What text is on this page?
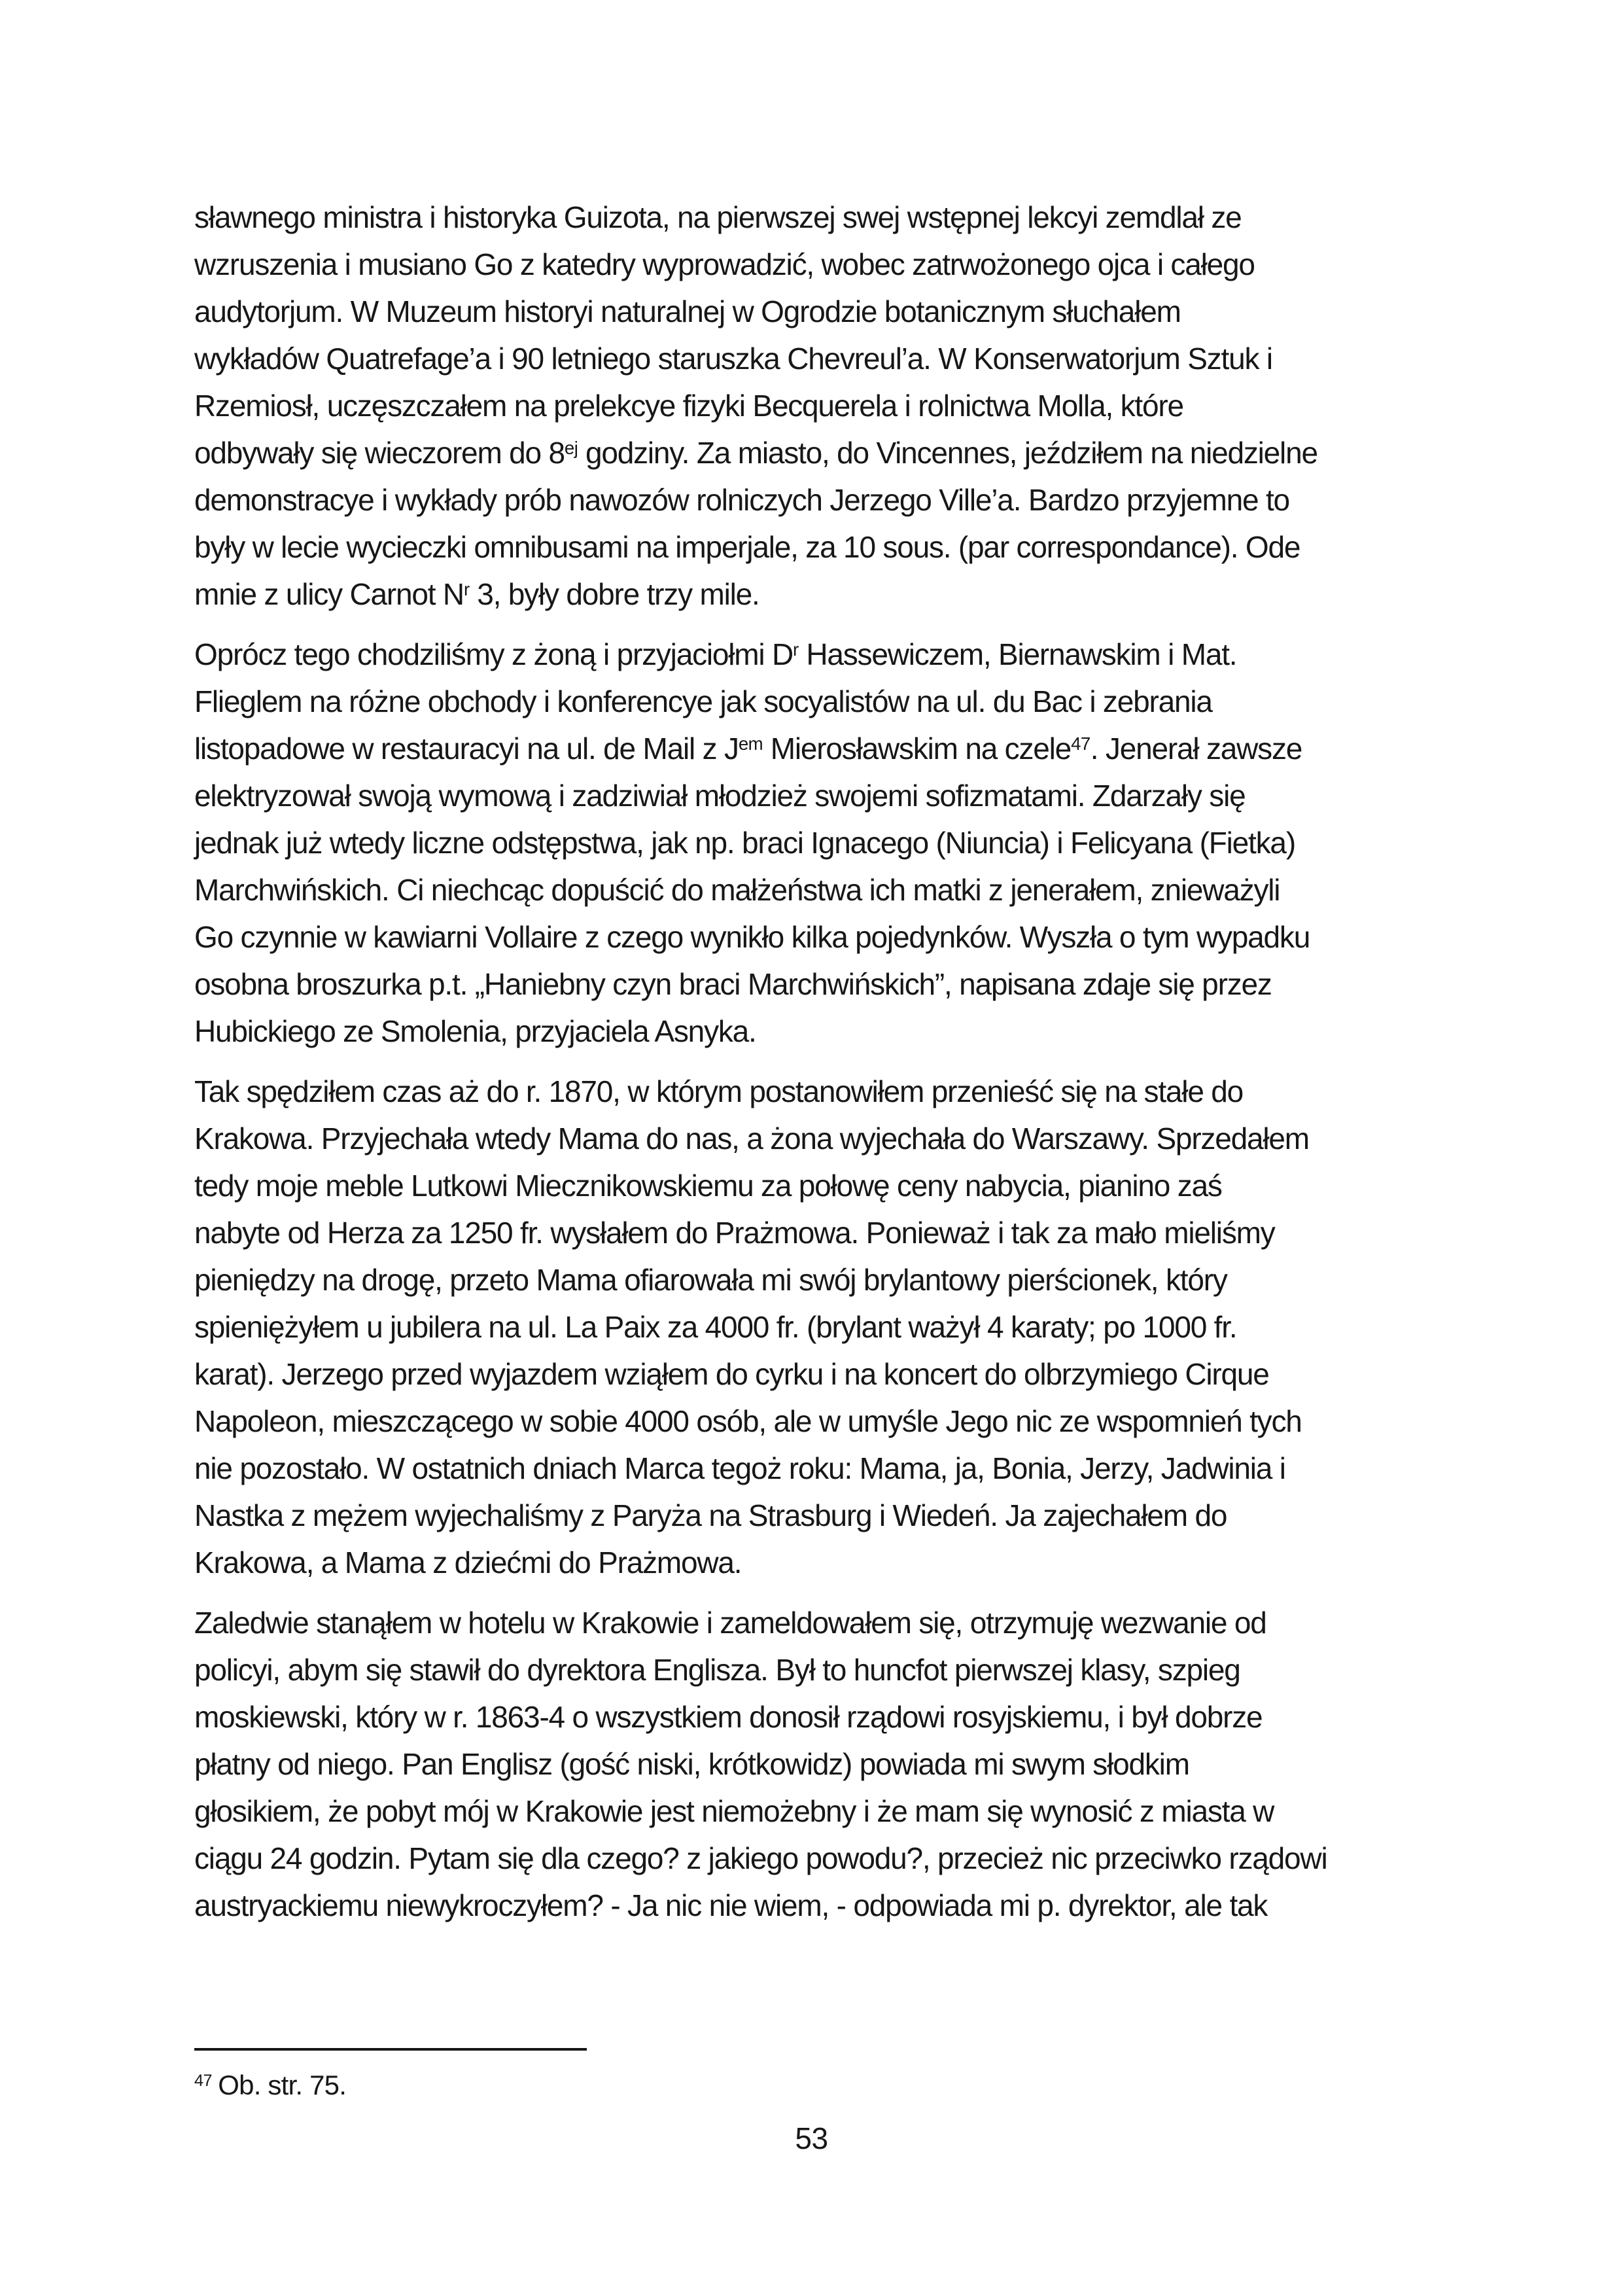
sławnego ministra i historyka Guizota, na pierwszej swej wstępnej lekcyi zemdlał ze
wzruszenia i musiano Go z katedry wyprowadzić, wobec zatrwożonego ojca i całego
audytorjum. W Muzeum historyi naturalnej w Ogrodzie botanicznym słuchałem
wykładów Quatrefage’a i 90 letniego staruszka Chevreul’a. W Konserwatorjum Sztuk i
Rzemiosł, uczęszczałem na prelekcye fizyki Becquerela i rolnictwa Molla, które
odbywały się wieczorem do $8^{ej}$ godziny. Za miasto, do Vincennes, jeździłem na niedzielne
demonstracye i wykłady prób nawozów rolniczych Jerzego Ville’a. Bardzo przyjemne to
były w lecie wycieczki omnibusami na imperjale, za 10 sous. (par correspondance). Ode
mnie z ulicy Carnot $N^r$ 3, były dobre trzy mile.
Oprócz tego chodziliśmy z żoną i przyjaciołmi $D^r$ Hassewiczem, Biernawskim i Mat.
Flieglem na różne obchody i konferencye jak socyalistów na ul. du Bac i zebrania
listopadowe w restauracyi na ul. de Mail z $J^{em}$ Mierosławskim na czele$^{47}$. Jenerał zawsze
elektryzował swoją wymową i zadziwiał młodzież swojemi sofizmatami. Zdarzały się
jednak już wtedy liczne odstępstwa, jak np. braci Ignacego (Niuncia) i Felicyana (Fietka)
Marchwińskich. Ci niechcąc dopuścić do małżeństwa ich matki z jenerałem, znieważyli
Go czynnie w kawiarni Vollaire z czego wynikło kilka pojedynków. Wyszła o tym wypadku
osobna broszurka p.t. „Haniebny czyn braci Marchwińskich”, napisana zdaje się przez
Hubickiego ze Smolenia, przyjaciela Asnyka.
Tak spędziłem czas aż do r. 1870, w którym postanowiłem przenieść się na stałe do
Krakowa. Przyjechała wtedy Mama do nas, a żona wyjechała do Warszawy. Sprzedałem
tedy moje meble Lutkowi Miecznikowskiemu za połowę ceny nabycia, pianino zaś
nabyte od Herza za 1250 fr. wysłałem do Prażmowa. Ponieważ i tak za mało mieliśmy
pieniędzy na drogę, przeto Mama ofiarowała mi swój brylantowy pierścionek, który
spieniężyłem u jubilera na ul. La Paix za 4000 fr. (brylant ważył 4 karaty; po 1000 fr.
karat). Jerzego przed wyjazdem wziąłem do cyrku i na koncert do olbrzymiego Cirque
Napoleon, mieszczącego w sobie 4000 osób, ale w umyśle Jego nic ze wspomnień tych
nie pozostało. W ostatnich dniach Marca tegoż roku: Mama, ja, Bonia, Jerzy, Jadwinia i
Nastka z mężem wyjechaliśmy z Paryża na Strasburg i Wiedeń. Ja zajechałem do
Krakowa, a Mama z dziećmi do Prażmowa.
Zaledwie stanąłem w hotelu w Krakowie i zameldowałem się, otrzymuję wezwanie od
policyi, abym się stawił do dyrektora Englisza. Był to huncfot pierwszej klasy, szpieg
moskiewski, który w r. 1863-4 o wszystkiem donosił rządowi rosyjskiemu, i był dobrze
płatny od niego. Pan Englisz (gość niski, krótkowidz) powiada mi swym słodkim
głosikiem, że pobyt mój w Krakowie jest niemożebny i że mam się wynosić z miasta w
ciągu 24 godzin. Pytam się dla czego? z jakiego powodu?, przecież nic przeciwko rządowi
austryackiemu niewykroczyłem? - Ja nic nie wiem, - odpowiada mi p. dyrektor, ale tak
$^{47}$ Ob. str. 75.
53
